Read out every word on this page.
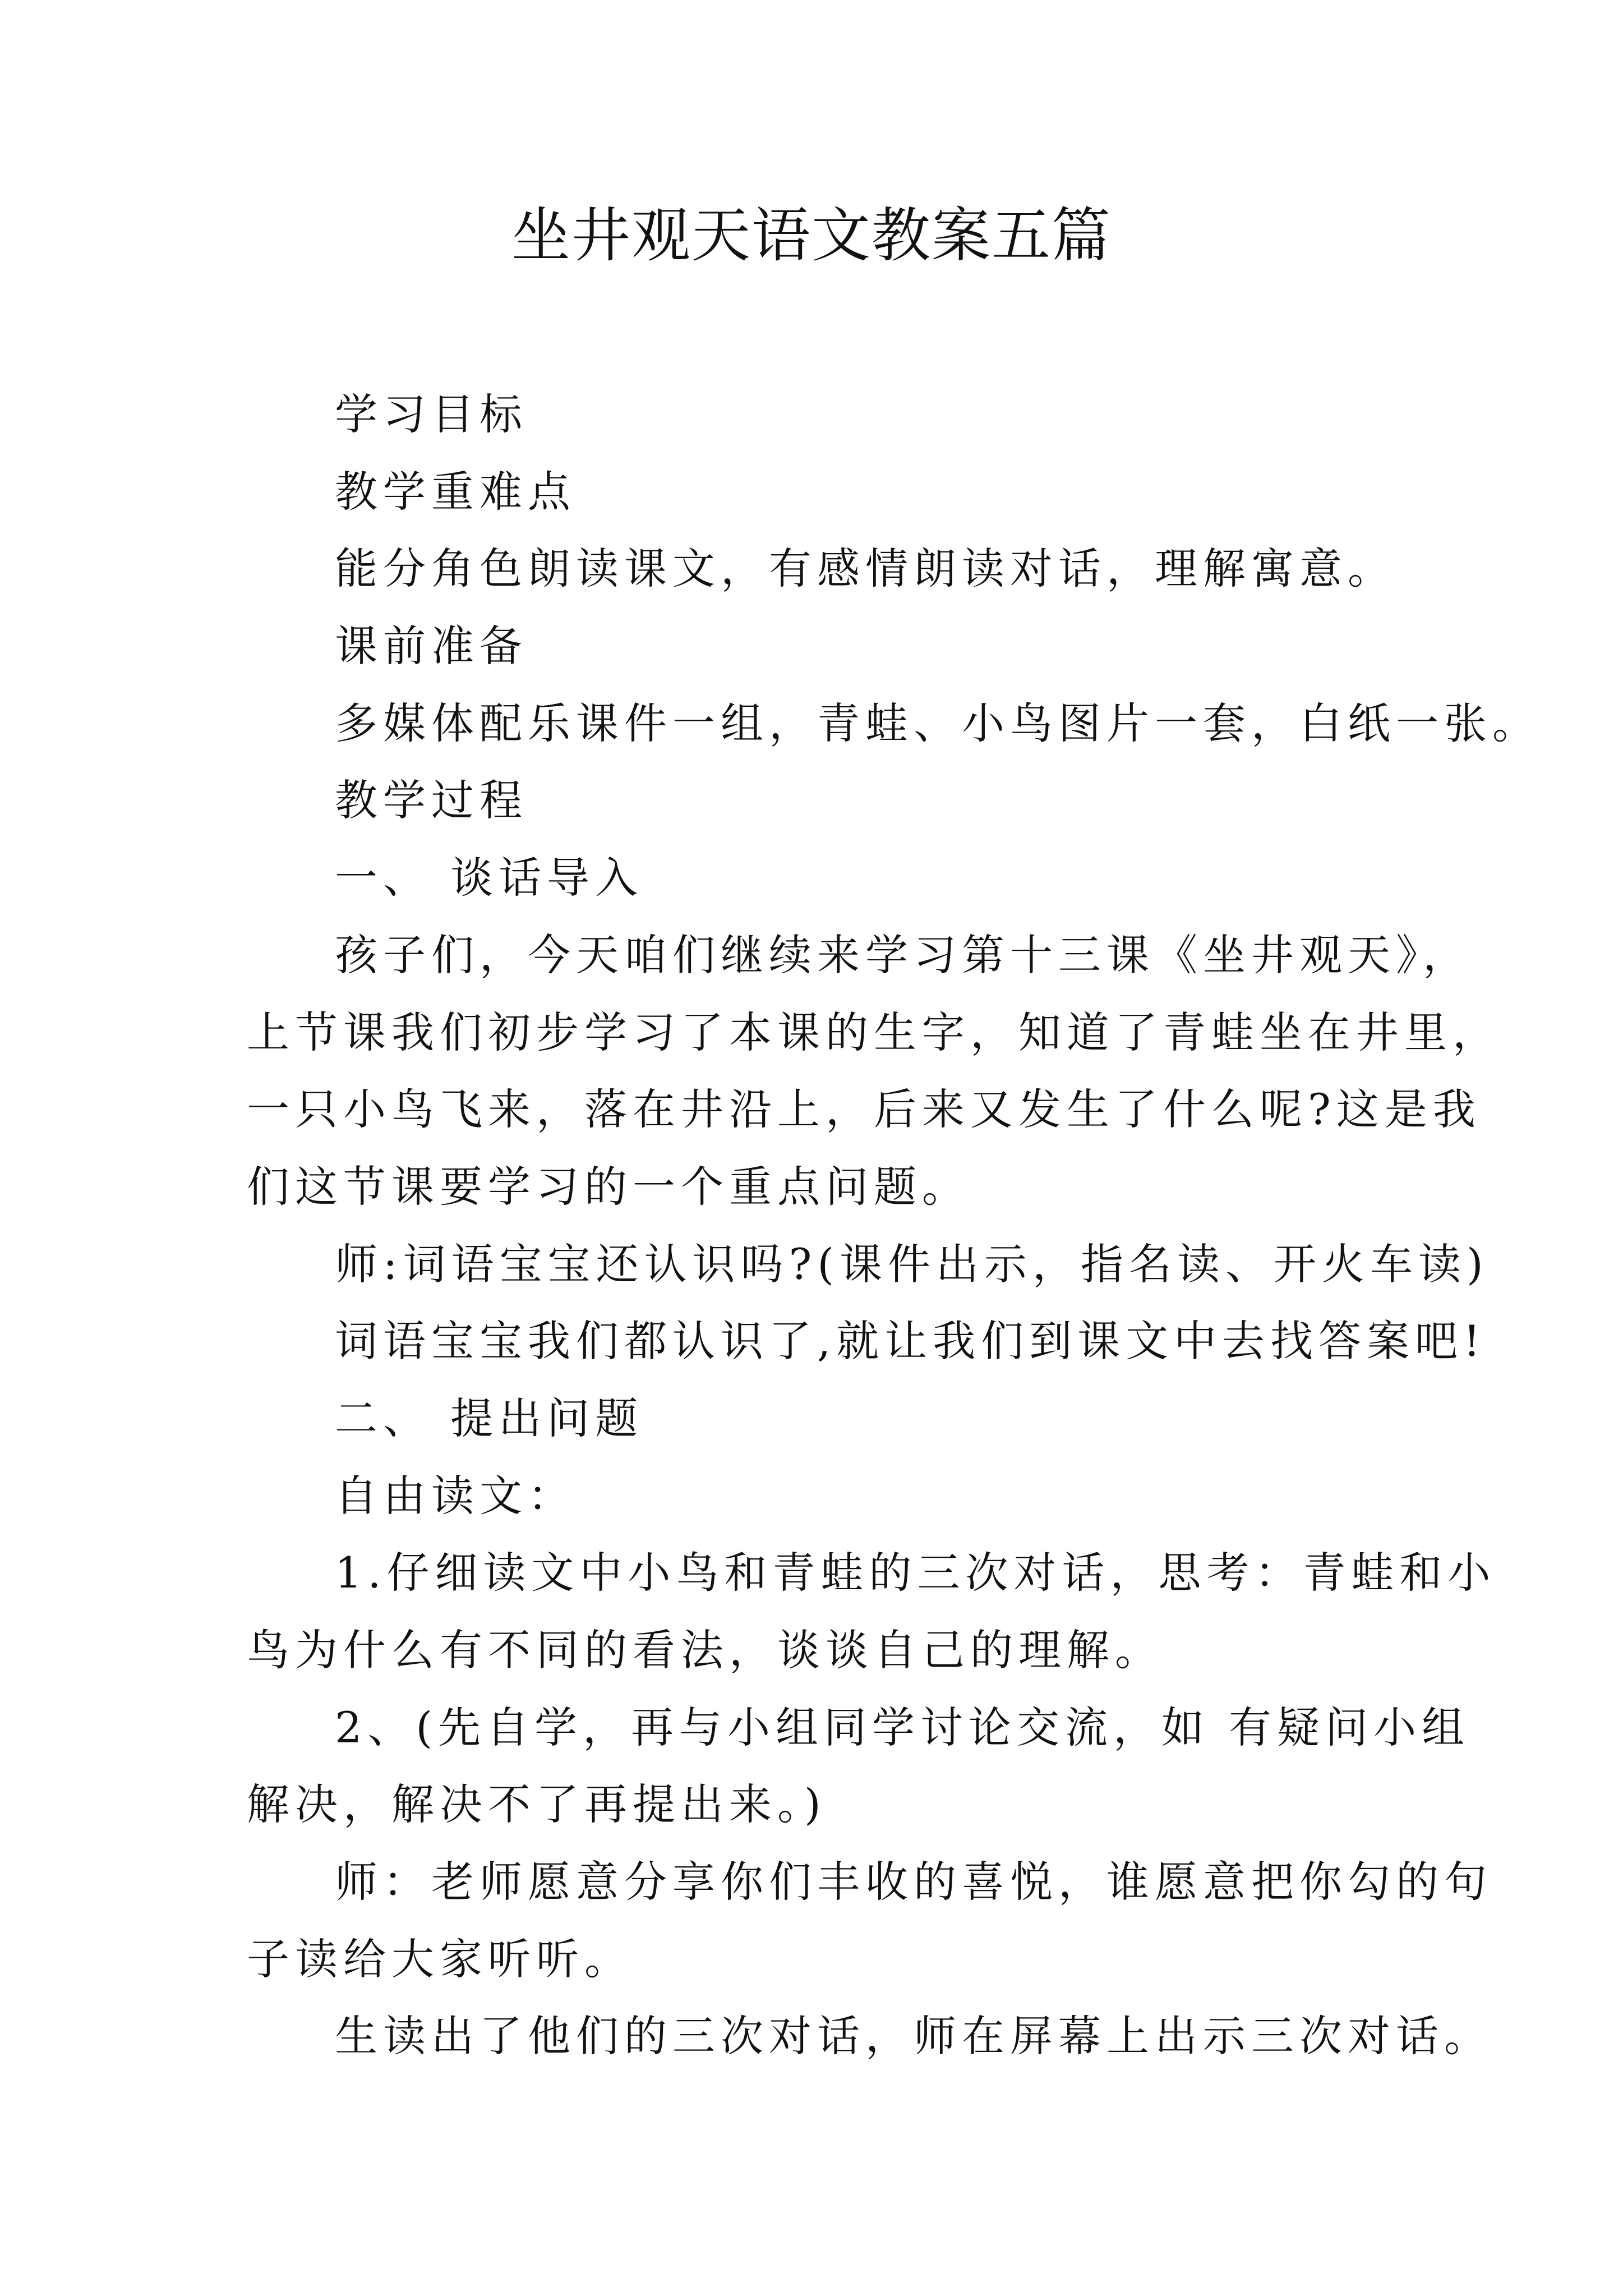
坐井观天语文教案五篇

学习目标

教学重难点

能分角色朗读课文，有感情朗读对话，理解寓意。

课前准备

多媒体配乐课件一组，青蛙、小鸟图片一套，白纸一张。

教学过程

一、 谈话导入

孩子们，今天咱们继续来学习第十三课《坐井观天》，

上节课我们初步学习了本课的生字，知道了青蛙坐在井里，

一只小鸟飞来，落在井沿上，后来又发生了什么呢?这是我

们这节课要学习的一个重点问题。

师:词语宝宝还认识吗?(课件出示，指名读、开火车读)

词语宝宝我们都认识了,就让我们到课文中去找答案吧!

二、 提出问题

自由读文：

1.仔细读文中小鸟和青蛙的三次对话，思考：青蛙和小

鸟为什么有不同的看法，谈谈自己的理解。

2、(先自学，再与小组同学讨论交流，如 有疑问小组

解决，解决不了再提出来。)

师：老师愿意分享你们丰收的喜悦，谁愿意把你勾的句

子读给大家听听。

生读出了他们的三次对话，师在屏幕上出示三次对话。
